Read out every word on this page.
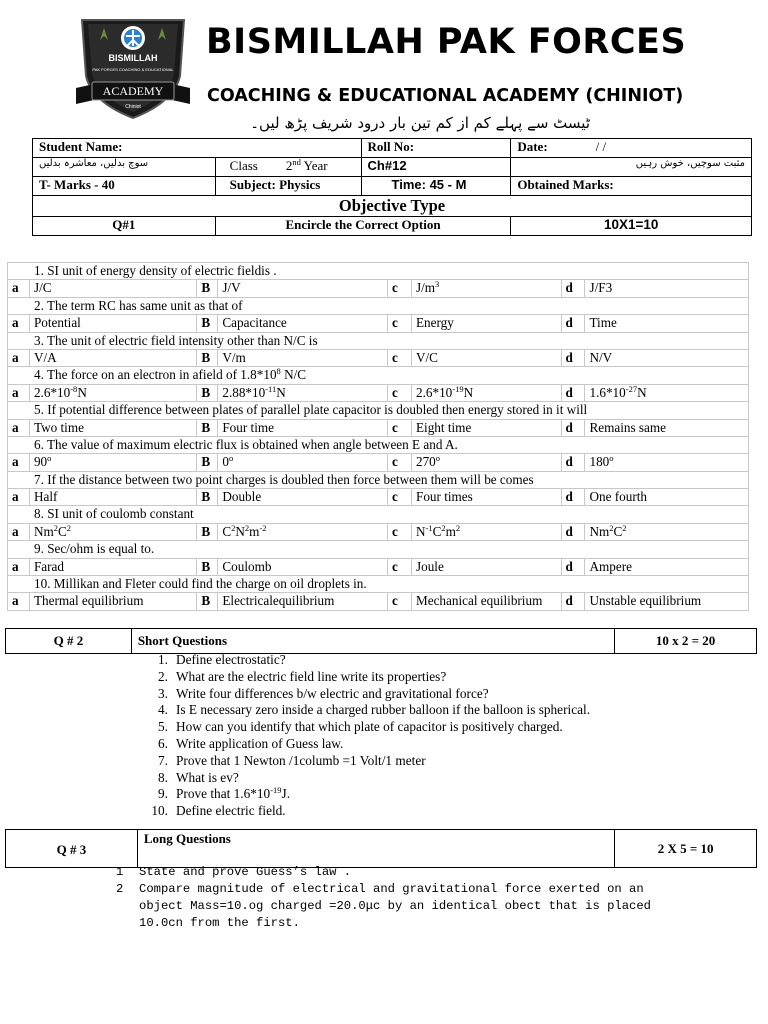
BISMILLAH
PAK FORCES COACHING & EDUCATIONAL
ACADEMY
Chiniot
BISMILLAH PAK FORCES
COACHING & EDUCATIONAL ACADEMY (CHINIOT)
ٹیسٹ سے پہلے کم از کم تین بار درود شریف پڑھ لیں۔
Student Name:		Roll No:	Date: / /
سوچ بدلیں، معاشرہ بدلیں	Class 2nd Year	Ch#12	مثبت سوچیں، خوش رہیں
T- Marks - 40	Subject: Physics	Time: 45 - M	Obtained Marks:
Objective Type			
Q#1	Encircle the Correct Option		10X1=10
1. SI unit of energy density of electric fieldis .							
a	J/C	B	J/V	c	$J/m^3$	d	J/F3
2. The term RC has same unit as that of							
a	Potential	B	Capacitance	c	Energy	d	Time
3. The unit of electric field intensity other than N/C is							
a	V/A	B	V/m	c	V/C	d	N/V
4. The force on an electron in afield of $1.8*10^8$ N/C							
a	$2.6*10^{-8}N$	B	$2.88*10^{-11}N$	c	$2.6*10^{-19}N$	d	$1.6*10^{-27}N$
5. If potential difference between plates of parallel plate capacitor is doubled then energy stored in it will							
a	Two time	B	Four time	c	Eight time	d	Remains same
6. The value of maximum electric flux is obtained when angle between E and A.							
a	90$^o$	B	0$^o$	c	270$^o$	d	180$^o$
7. If the distance between two point charges is doubled then force between them will be comes							
a	Half	B	Double	c	Four times	d	One fourth
8. SI unit of coulomb constant							
a	$Nm^2C^2$	B	$C^2N^2m^{-2}$	c	$N^{-1}C^2m^2$	d	$Nm^2C^2$
9. Sec/ohm is equal to.							
a	Farad	B	Coulomb	c	Joule	d	Ampere
10. Millikan and Fleter could find the charge on oil droplets in.							
a	Thermal equilibrium	B	Electricalequilibrium	c	Mechanical equilibrium	d	Unstable equilibrium
Q # 2	Short Questions	10 x 2 = 20
1. Define electrostatic?
2. What are the electric field line write its properties?
3. Write four differences b/w electric and gravitational force?
4. Is E necessary zero inside a charged rubber balloon if the balloon is spherical.
5. How can you identify that which plate of capacitor is positively charged.
6. Write application of Guess law.
7. Prove that 1 Newton /1columb =1 Volt/1 meter
8. What is ev?
9. Prove that $1.6*10^{-19}J$.
10. Define electric field.
Q # 3	Long Questions	2 X 5 = 10
1	State and prove Guess’s law .
2	Compare magnitude of electrical and gravitational force exerted on an object Mass=10.og charged =20.0μc by an identical obect that is placed 10.0cn from the first.
